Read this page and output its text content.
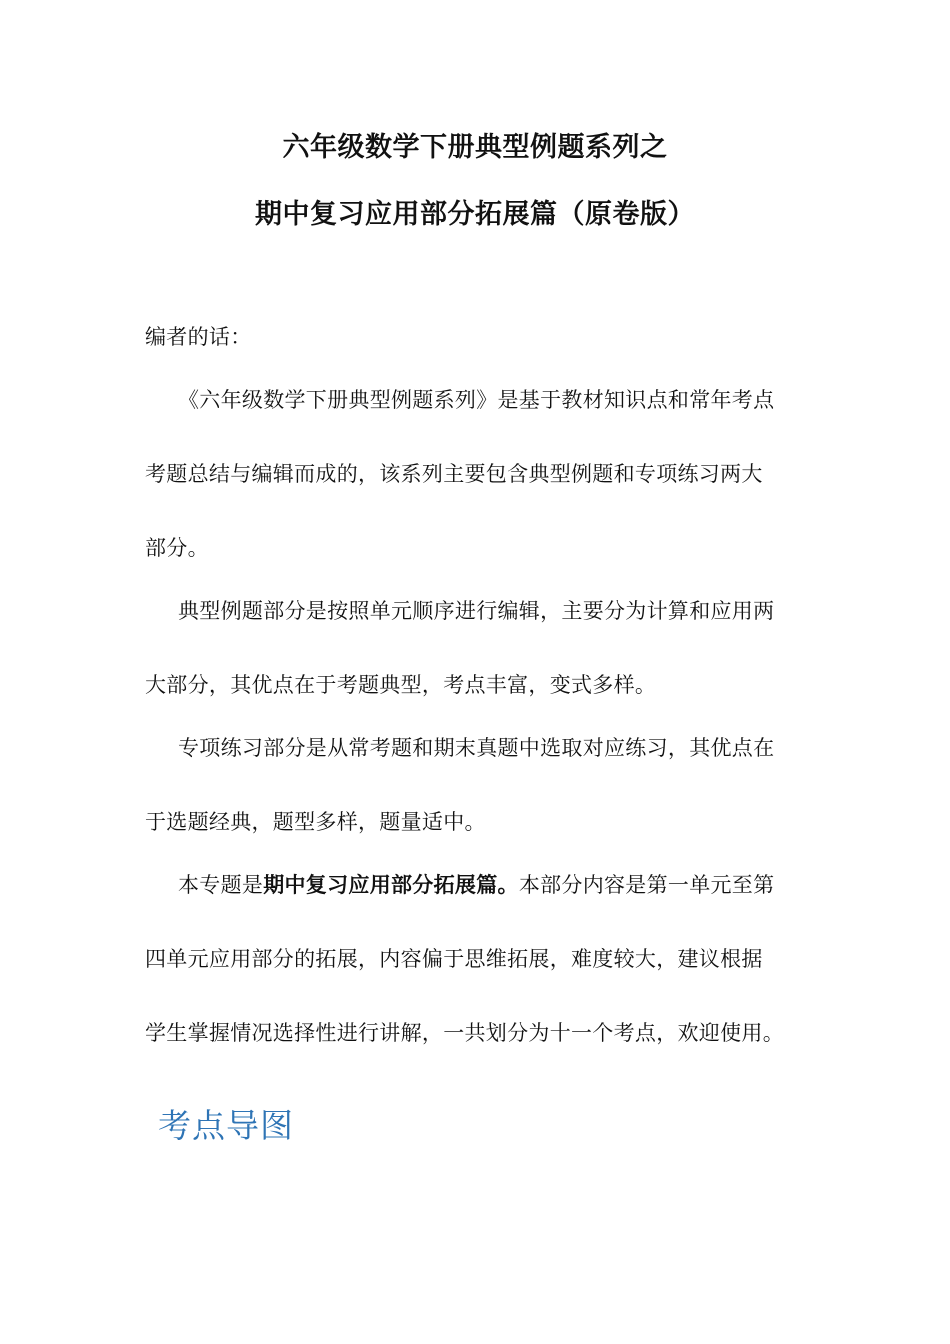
六年级数学下册典型例题系列之
期中复习应用部分拓展篇（原卷版）
编者的话：
《六年级数学下册典型例题系列》是基于教材知识点和常年考点
考题总结与编辑而成的，该系列主要包含典型例题和专项练习两大
部分。
典型例题部分是按照单元顺序进行编辑，主要分为计算和应用两
大部分，其优点在于考题典型，考点丰富，变式多样。
专项练习部分是从常考题和期末真题中选取对应练习，其优点在
于选题经典，题型多样，题量适中。
本专题是期中复习应用部分拓展篇。本部分内容是第一单元至第
四单元应用部分的拓展，内容偏于思维拓展，难度较大，建议根据
学生掌握情况选择性进行讲解，一共划分为十一个考点，欢迎使用。
考点导图
